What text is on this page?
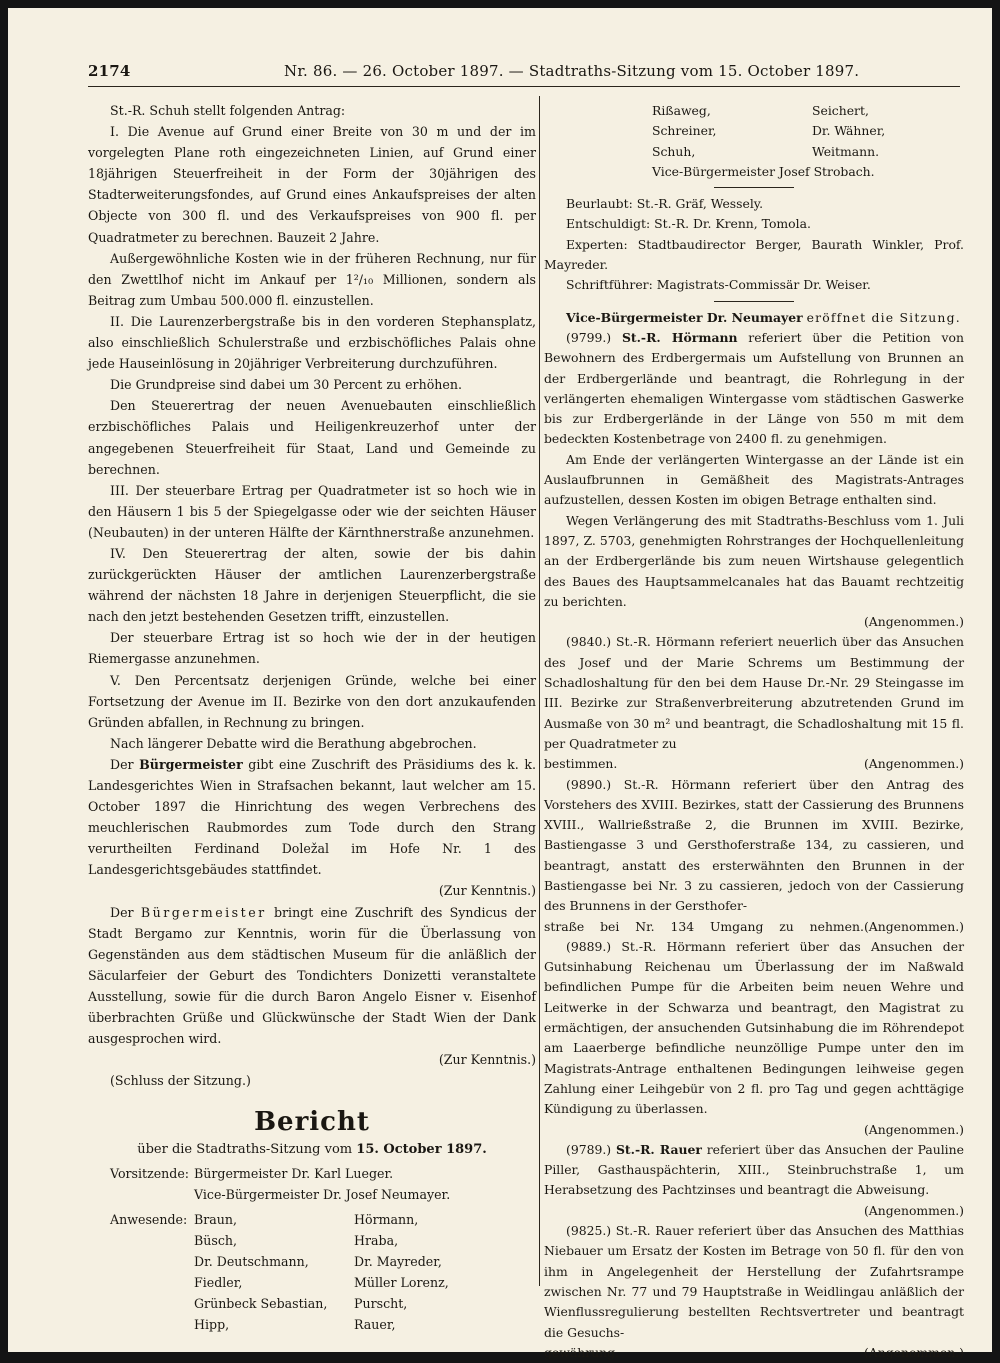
2174	Nr. 86. — 26. October 1897. — Stadtraths-Sitzung vom 15. October 1897.

St.-R. Schuh stellt folgenden Antrag:

I. Die Avenue auf Grund einer Breite von 30 m und der im vorgelegten Plane roth eingezeichneten Linien, auf Grund einer 18jährigen Steuerfreiheit in der Form der 30jährigen des Stadterweiterungsfondes, auf Grund eines Ankaufspreises der alten Objecte von 300 fl. und des Verkaufspreises von 900 fl. per Quadratmeter zu berechnen. Bauzeit 2 Jahre.

Außergewöhnliche Kosten wie in der früheren Rechnung, nur für den Zwettlhof nicht im Ankauf per 1²/₁₀ Millionen, sondern als Beitrag zum Umbau 500.000 fl. einzustellen.

II. Die Laurenzerbergstraße bis in den vorderen Stephansplatz, also einschließlich Schulerstraße und erzbischöfliches Palais ohne jede Hauseinlösung in 20jähriger Verbreiterung durchzuführen.

Die Grundpreise sind dabei um 30 Percent zu erhöhen.

Den Steuerertrag der neuen Avenuebauten einschließlich erzbischöfliches Palais und Heiligenkreuzerhof unter der angegebenen Steuerfreiheit für Staat, Land und Gemeinde zu berechnen.

III. Der steuerbare Ertrag per Quadratmeter ist so hoch wie in den Häusern 1 bis 5 der Spiegelgasse oder wie der seichten Häuser (Neubauten) in der unteren Hälfte der Kärnthnerstraße anzunehmen.

IV. Den Steuerertrag der alten, sowie der bis dahin zurückgerückten Häuser der amtlichen Laurenzerbergstraße während der nächsten 18 Jahre in derjenigen Steuerpflicht, die sie nach den jetzt bestehenden Gesetzen trifft, einzustellen.

Der steuerbare Ertrag ist so hoch wie der in der heutigen Riemergasse anzunehmen.

V. Den Percentsatz derjenigen Gründe, welche bei einer Fortsetzung der Avenue im II. Bezirke von den dort anzukaufenden Gründen abfallen, in Rechnung zu bringen.

Nach längerer Debatte wird die Berathung abgebrochen.

Der Bürgermeister gibt eine Zuschrift des Präsidiums des k. k. Landesgerichtes Wien in Strafsachen bekannt, laut welcher am 15. October 1897 die Hinrichtung des wegen Verbrechens des meuchlerischen Raubmordes zum Tode durch den Strang verurtheilten Ferdinand Doležal im Hofe Nr. 1 des Landesgerichtsgebäudes stattfindet.

(Zur Kenntnis.)

Der Bürgermeister bringt eine Zuschrift des Syndicus der Stadt Bergamo zur Kenntnis, worin für die Überlassung von Gegenständen aus dem städtischen Museum für die anläßlich der Säcularfeier der Geburt des Tondichters Donizetti veranstaltete Ausstellung, sowie für die durch Baron Angelo Eisner v. Eisenhof überbrachten Grüße und Glückwünsche der Stadt Wien der Dank ausgesprochen wird.

(Zur Kenntnis.)

(Schluss der Sitzung.)

Bericht
über die Stadtraths-Sitzung vom 15. October 1897.
Vorsitzende:	Bürgermeister Dr. Karl Lueger.
	Vice-Bürgermeister Dr. Josef Neumayer.
Anwesende:	Braun,	Hörmann,
	Büsch,	Hraba,
	Dr. Deutschmann,	Dr. Mayreder,
	Fiedler,	Müller Lorenz,
	Grünbeck Sebastian,	Purscht,
	Hipp,	Rauer,
Rißaweg,	Seichert,
Schreiner,	Dr. Wähner,
Schuh,	Weitmann.
Vice-Bürgermeister Josef Strobach.	

Beurlaubt: St.-R. Gräf, Wessely.

Entschuldigt: St.-R. Dr. Krenn, Tomola.

Experten: Stadtbaudirector Berger, Baurath Winkler, Prof. Mayreder.

Schriftführer: Magistrats-Commissär Dr. Weiser.

Vice-Bürgermeister Dr. Neumayer eröffnet die Sitzung.

(9799.) St.-R. Hörmann referiert über die Petition von Bewohnern des Erdbergermais um Aufstellung von Brunnen an der Erdbergerlände und beantragt, die Rohrlegung in der verlängerten ehemaligen Wintergasse vom städtischen Gaswerke bis zur Erdbergerlände in der Länge von 550 m mit dem bedeckten Kostenbetrage von 2400 fl. zu genehmigen.

Am Ende der verlängerten Wintergasse an der Lände ist ein Auslaufbrunnen in Gemäßheit des Magistrats-Antrages aufzustellen, dessen Kosten im obigen Betrage enthalten sind.

Wegen Verlängerung des mit Stadtraths-Beschluss vom 1. Juli 1897, Z. 5703, genehmigten Rohrstranges der Hochquellenleitung an der Erdbergerlände bis zum neuen Wirtshause gelegentlich des Baues des Hauptsammelcanales hat das Bauamt rechtzeitig zu berichten.

(Angenommen.)

(9840.) St.-R. Hörmann referiert neuerlich über das Ansuchen des Josef und der Marie Schrems um Bestimmung der Schadloshaltung für den bei dem Hause Dr.-Nr. 29 Steingasse im III. Bezirke zur Straßenverbreiterung abzutretenden Grund im Ausmaße von 30 m² und beantragt, die Schadloshaltung mit 15 fl. per Quadratmeter zu

bestimmen.	(Angenommen.)

(9890.) St.-R. Hörmann referiert über den Antrag des Vorstehers des XVIII. Bezirkes, statt der Cassierung des Brunnens XVIII., Wallrießstraße 2, die Brunnen im XVIII. Bezirke, Bastiengasse 3 und Gersthoferstraße 134, zu cassieren, und beantragt, anstatt des ersterwähnten den Brunnen in der Bastiengasse bei Nr. 3 zu cassieren, jedoch von der Cassierung des Brunnens in der Gersthofer-

straße bei Nr. 134 Umgang zu nehmen. (Angenommen.)

(9889.) St.-R. Hörmann referiert über das Ansuchen der Gutsinhabung Reichenau um Überlassung der im Naßwald befindlichen Pumpe für die Arbeiten beim neuen Wehre und Leitwerke in der Schwarza und beantragt, den Magistrat zu ermächtigen, der ansuchenden Gutsinhabung die im Röhrendepot am Laaerberge befindliche neunzöllige Pumpe unter den im Magistrats-Antrage enthaltenen Bedingungen leihweise gegen Zahlung einer Leihgebür von 2 fl. pro Tag und gegen achttägige Kündigung zu überlassen.

(Angenommen.)

(9789.) St.-R. Rauer referiert über das Ansuchen der Pauline Piller, Gasthauspächterin, XIII., Steinbruchstraße 1, um Herabsetzung des Pachtzinses und beantragt die Abweisung.

(Angenommen.)

(9825.) St.-R. Rauer referiert über das Ansuchen des Matthias Niebauer um Ersatz der Kosten im Betrage von 50 fl. für den von ihm in Angelegenheit der Herstellung der Zufahrtsrampe zwischen Nr. 77 und 79 Hauptstraße in Weidlingau anläßlich der Wienflussregulierung bestellten Rechtsvertreter und beantragt die Gesuchs-

gewährung.	(Angenommen.)
